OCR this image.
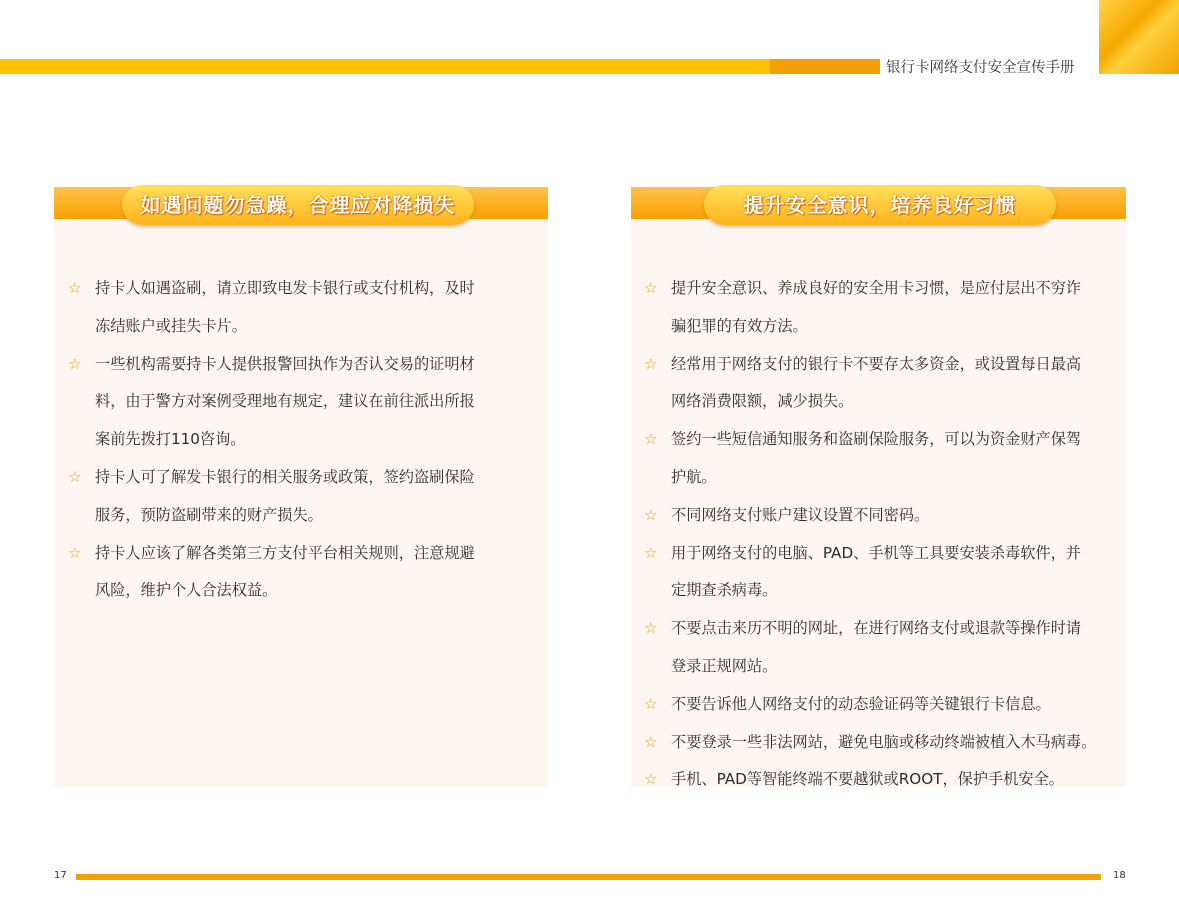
银行卡网络支付安全宣传手册
如遇问题勿急躁，合理应对降损失
☆ 持卡人如遇盗刷，请立即致电发卡银行或支付机构，及时
冻结账户或挂失卡片。
☆ 一些机构需要持卡人提供报警回执作为否认交易的证明材
料，由于警方对案例受理地有规定，建议在前往派出所报
案前先拨打110咨询。
☆ 持卡人可了解发卡银行的相关服务或政策，签约盗刷保险
服务，预防盗刷带来的财产损失。
☆ 持卡人应该了解各类第三方支付平台相关规则，注意规避
风险，维护个人合法权益。
提升安全意识，培养良好习惯
☆ 提升安全意识、养成良好的安全用卡习惯，是应付层出不穷诈
骗犯罪的有效方法。
☆ 经常用于网络支付的银行卡不要存太多资金，或设置每日最高
网络消费限额，减少损失。
☆ 签约一些短信通知服务和盗刷保险服务，可以为资金财产保驾
护航。
☆ 不同网络支付账户建议设置不同密码。
☆ 用于网络支付的电脑、PAD、手机等工具要安装杀毒软件，并
定期查杀病毒。
☆ 不要点击来历不明的网址，在进行网络支付或退款等操作时请
登录正规网站。
☆ 不要告诉他人网络支付的动态验证码等关键银行卡信息。
☆ 不要登录一些非法网站，避免电脑或移动终端被植入木马病毒。
☆ 手机、PAD等智能终端不要越狱或ROOT，保护手机安全。
17	18
